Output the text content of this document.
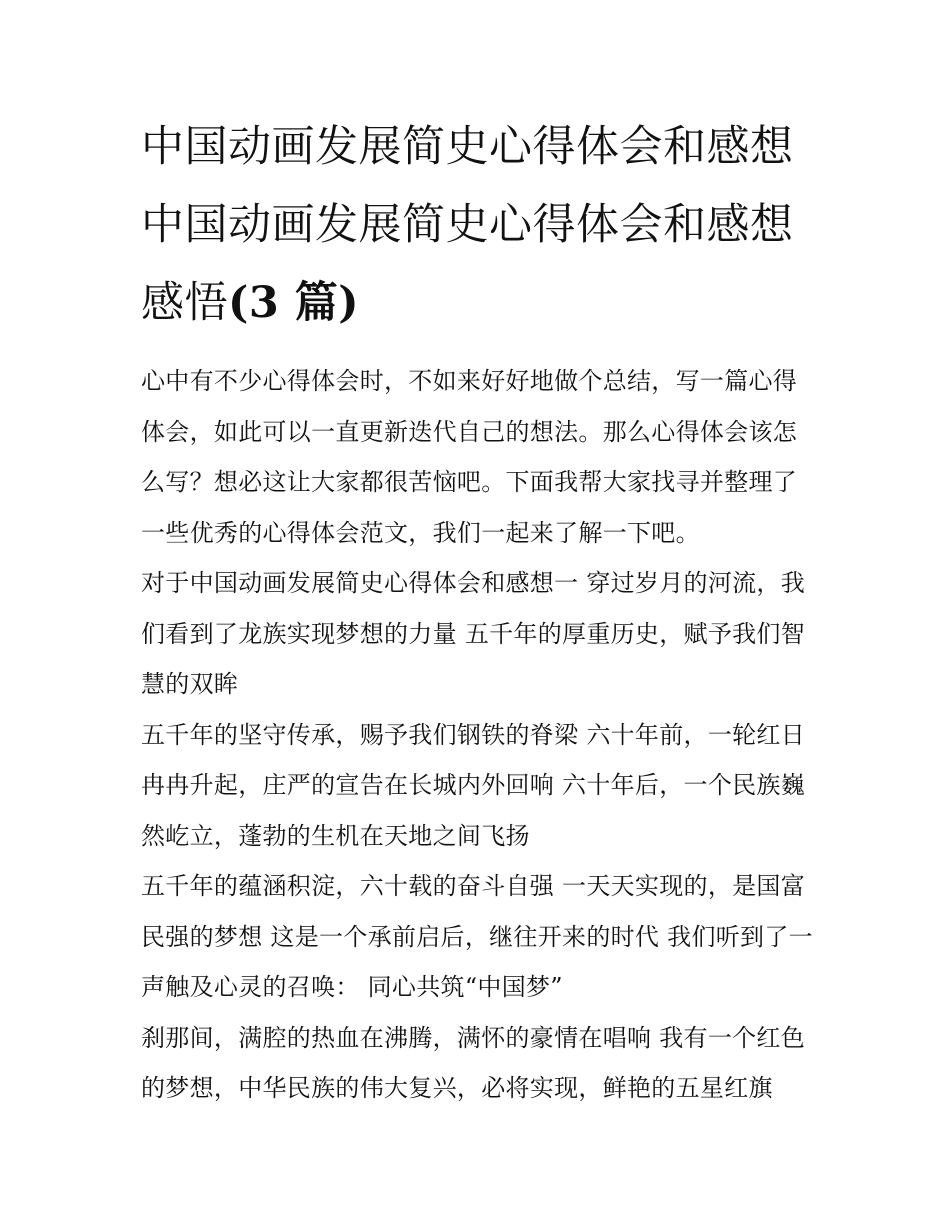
中国动画发展简史心得体会和感想 中国动画发展简史心得体会和感想感悟(3 篇)

心中有不少心得体会时，不如来好好地做个总结，写一篇心得体会，如此可以一直更新迭代自己的想法。那么心得体会该怎么写？想必这让大家都很苦恼吧。下面我帮大家找寻并整理了一些优秀的心得体会范文，我们一起来了解一下吧。

对于中国动画发展简史心得体会和感想一 穿过岁月的河流，我们看到了龙族实现梦想的力量 五千年的厚重历史，赋予我们智慧的双眸

五千年的坚守传承，赐予我们钢铁的脊梁 六十年前，一轮红日冉冉升起，庄严的宣告在长城内外回响 六十年后，一个民族巍然屹立，蓬勃的生机在天地之间飞扬

五千年的蕴涵积淀，六十载的奋斗自强 一天天实现的，是国富民强的梦想 这是一个承前启后，继往开来的时代 我们听到了一声触及心灵的召唤： 同心共筑“中国梦”

刹那间，满腔的热血在沸腾，满怀的豪情在唱响 我有一个红色的梦想，中华民族的伟大复兴，必将实现，鲜艳的五星红旗
